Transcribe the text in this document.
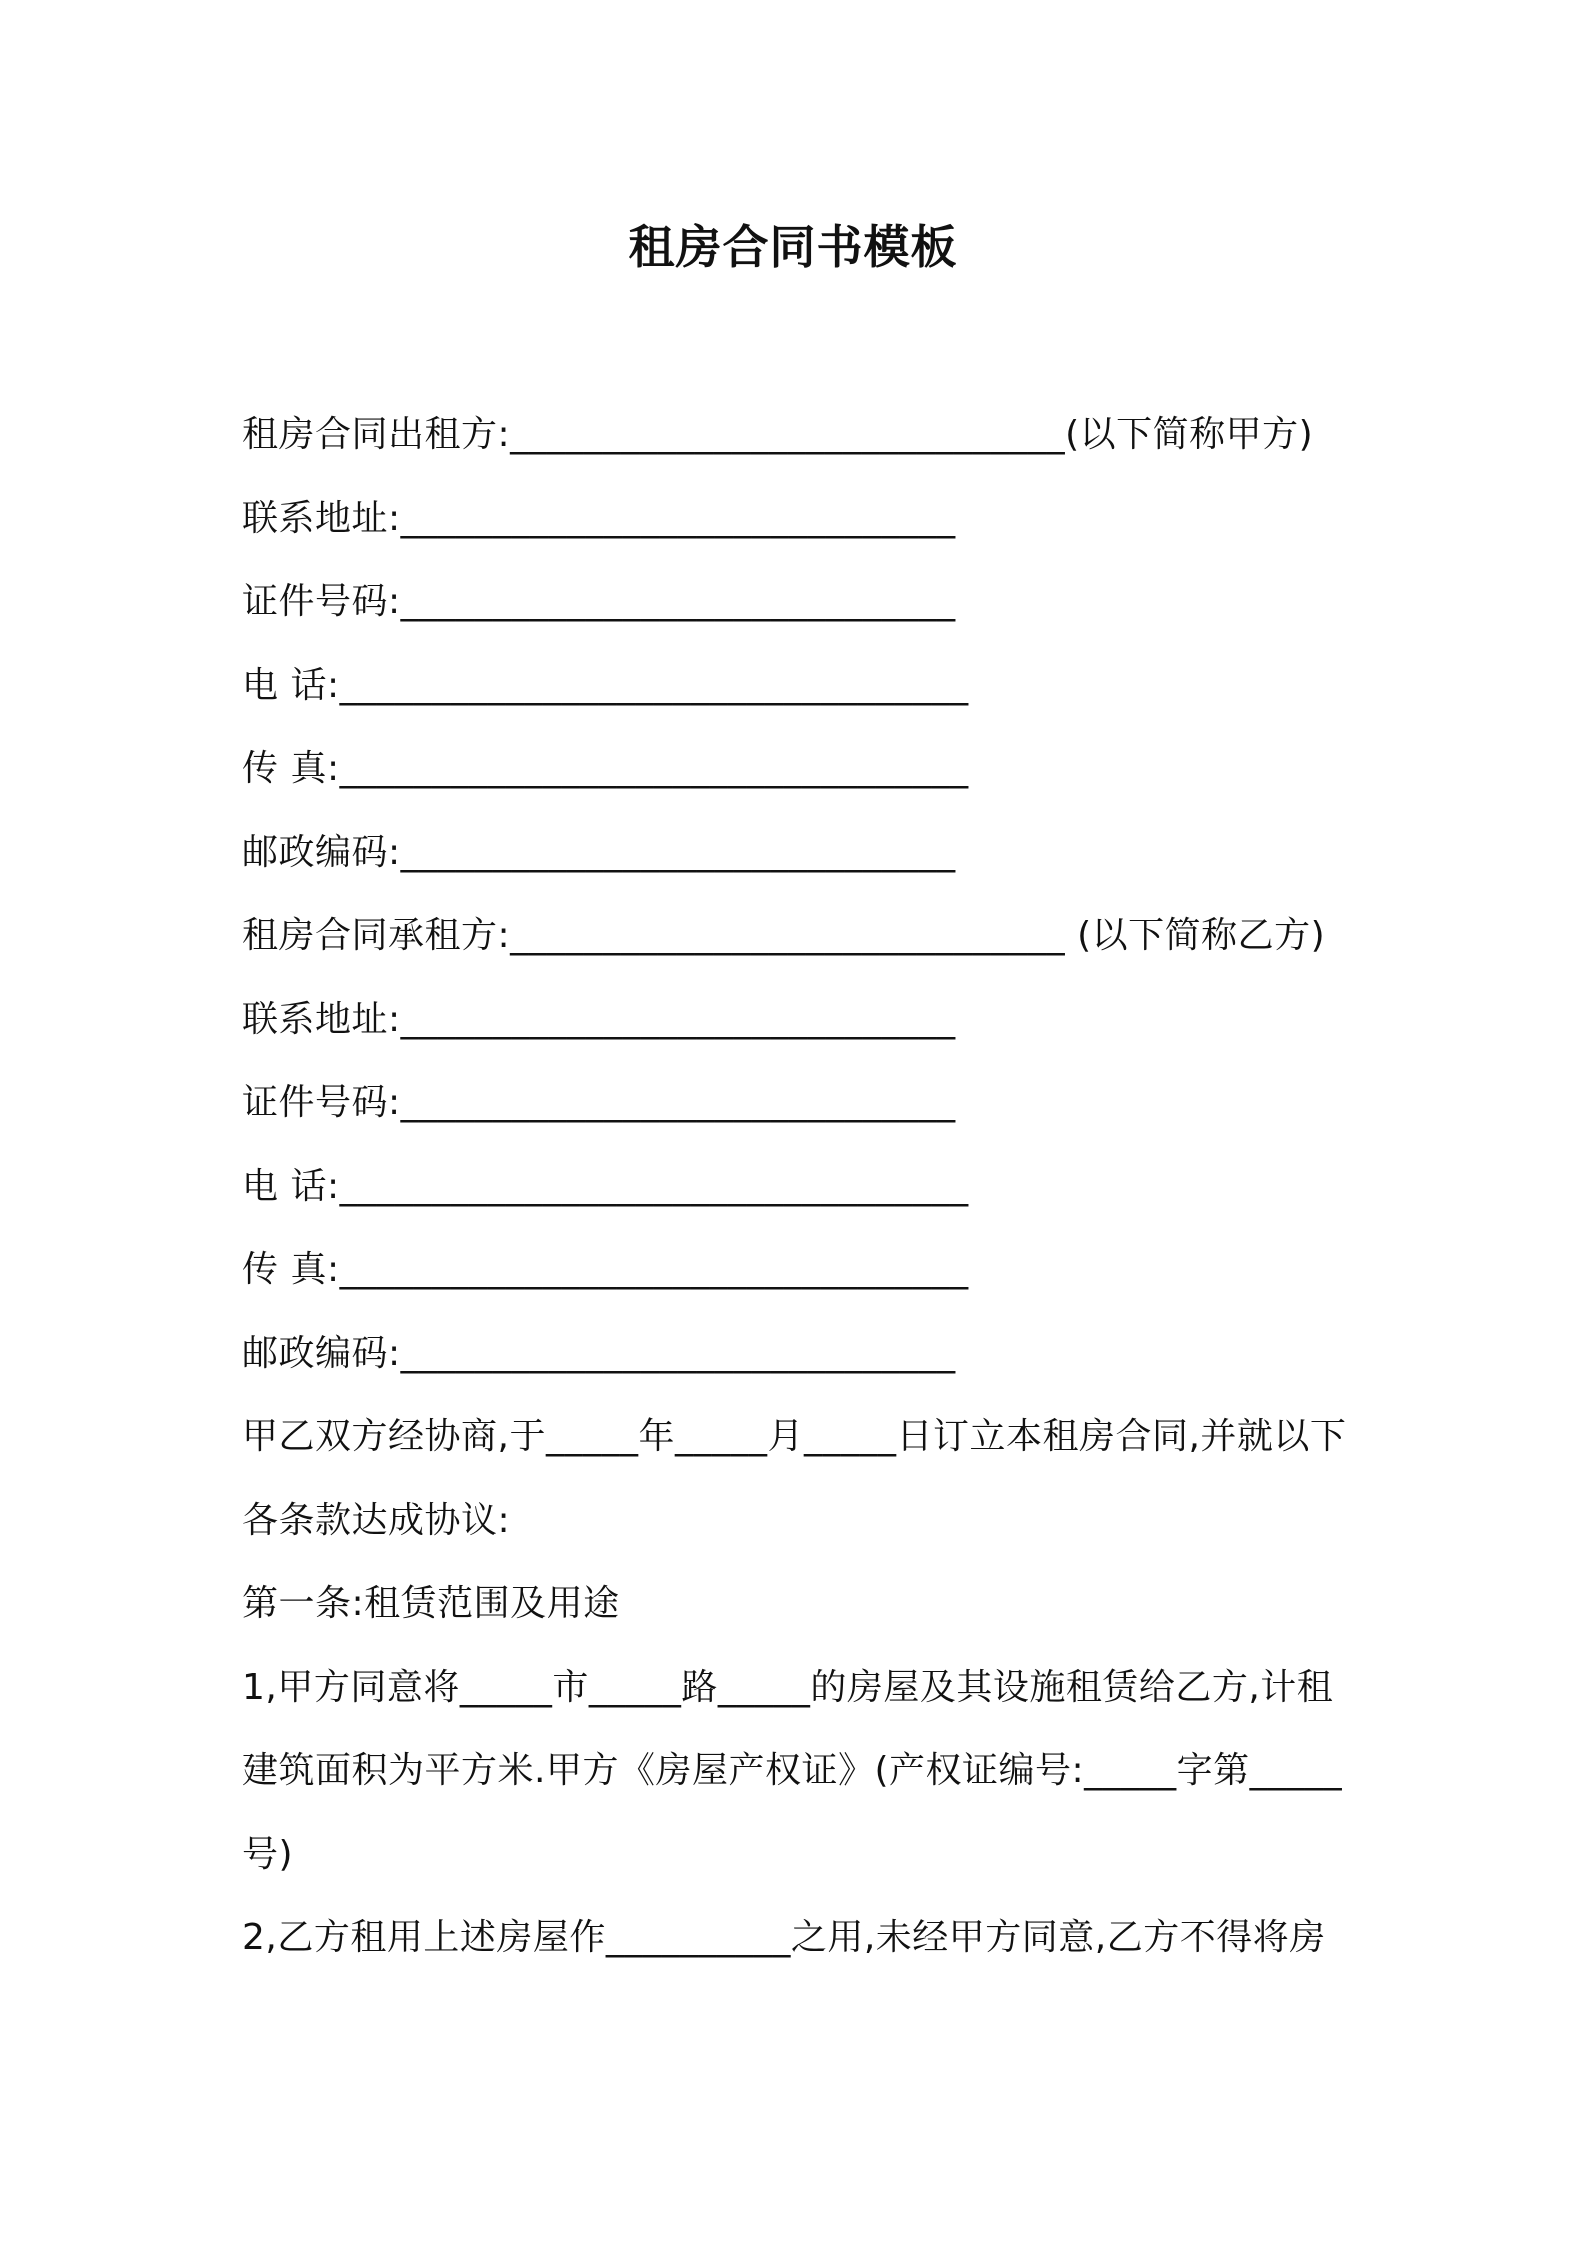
租房合同书模板
租房合同出租方:______________________________(以下简称甲方)
联系地址:______________________________
证件号码:______________________________
电 话:__________________________________
传 真:__________________________________
邮政编码:______________________________
租房合同承租方:______________________________ (以下简称乙方)
联系地址:______________________________
证件号码:______________________________
电 话:__________________________________
传 真:__________________________________
邮政编码:______________________________
甲乙双方经协商,于_____年_____月_____日订立本租房合同,并就以下
各条款达成协议:
第一条:租赁范围及用途
1,甲方同意将_____市_____路_____的房屋及其设施租赁给乙方,计租
建筑面积为平方米.甲方《房屋产权证》(产权证编号:_____字第_____
号)
2,乙方租用上述房屋作__________之用,未经甲方同意,乙方不得将房
